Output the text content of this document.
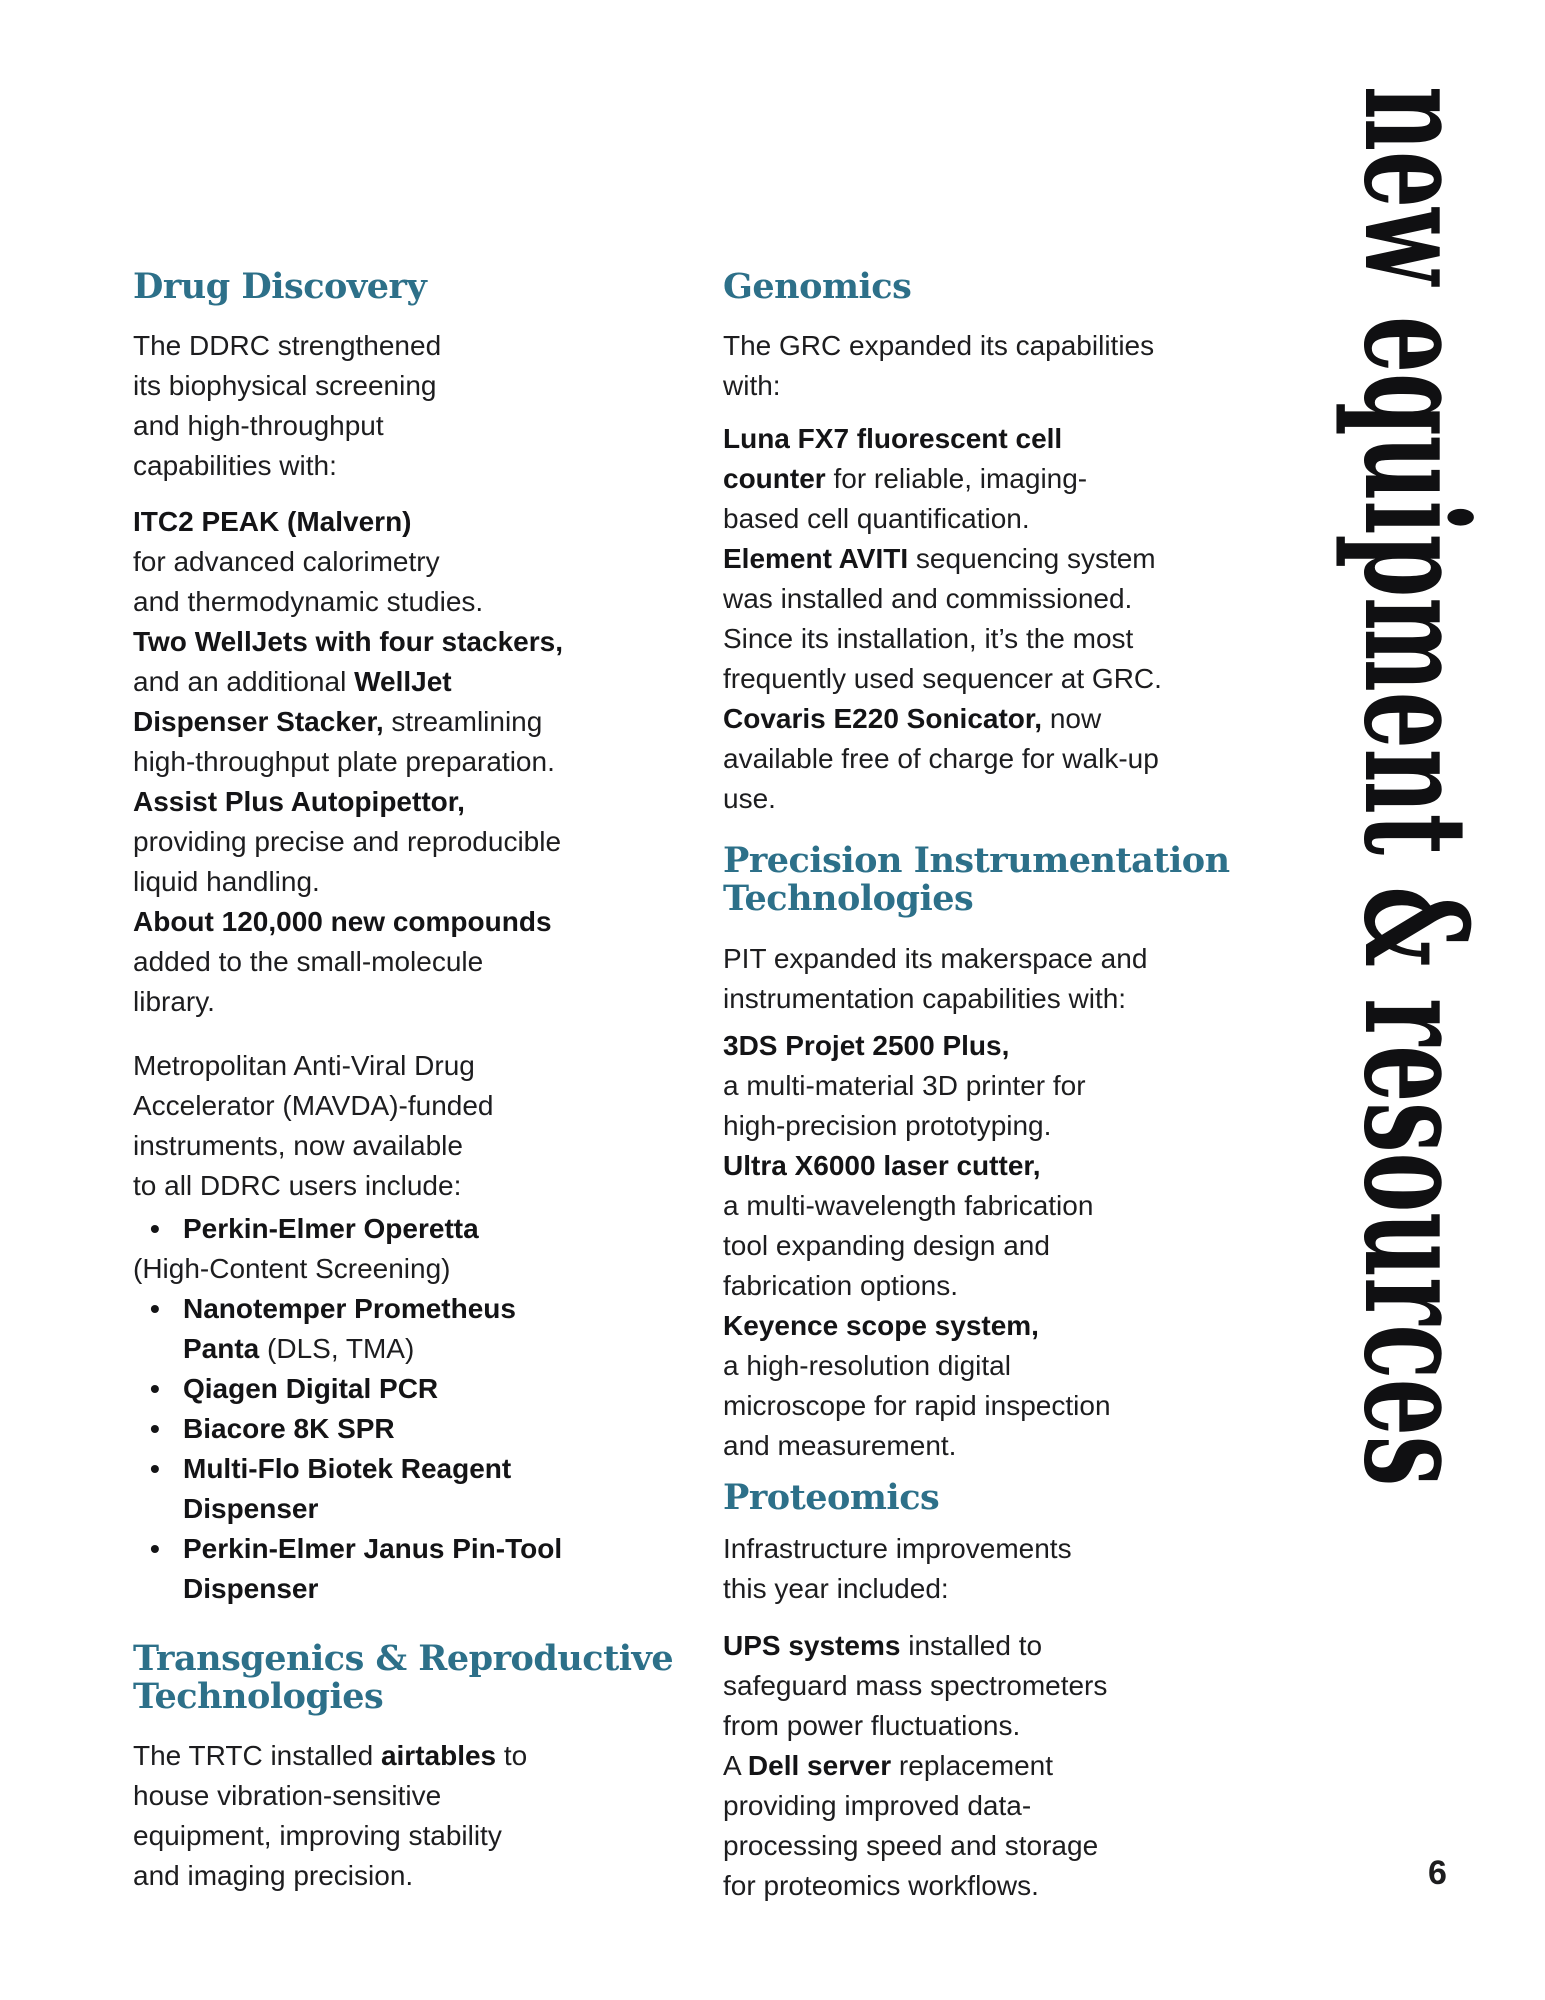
Drug Discovery
The DDRC strengthened
its biophysical screening
and high-throughput
capabilities with:
ITC2 PEAK (Malvern)
for advanced calorimetry
and thermodynamic studies.
Two WellJets with four stackers,
and an additional WellJet
Dispenser Stacker, streamlining
high-throughput plate preparation.
Assist Plus Autopipettor,
providing precise and reproducible
liquid handling.
About 120,000 new compounds
added to the small-molecule
library.
Metropolitan Anti-Viral Drug
Accelerator (MAVDA)-funded
instruments, now available
to all DDRC users include:
• Perkin-Elmer Operetta
(High-Content Screening)
• Nanotemper Prometheus
Panta (DLS, TMA)
• Qiagen Digital PCR
• Biacore 8K SPR
• Multi-Flo Biotek Reagent
Dispenser
• Perkin-Elmer Janus Pin-Tool
Dispenser
Transgenics & Reproductive
Technologies
The TRTC installed airtables to
house vibration-sensitive
equipment, improving stability
and imaging precision.
Genomics
The GRC expanded its capabilities
with:
Luna FX7 fluorescent cell
counter for reliable, imaging-
based cell quantification.
Element AVITI sequencing system
was installed and commissioned.
Since its installation, it’s the most
frequently used sequencer at GRC.
Covaris E220 Sonicator, now
available free of charge for walk-up
use.
Precision Instrumentation
Technologies
PIT expanded its makerspace and
instrumentation capabilities with:
3DS Projet 2500 Plus,
a multi-material 3D printer for
high-precision prototyping.
Ultra X6000 laser cutter,
a multi-wavelength fabrication
tool expanding design and
fabrication options.
Keyence scope system,
a high-resolution digital
microscope for rapid inspection
and measurement.
Proteomics
Infrastructure improvements
this year included:
UPS systems installed to
safeguard mass spectrometers
from power fluctuations.
A Dell server replacement
providing improved data-
processing speed and storage
for proteomics workflows.
new equipment & resources
6
